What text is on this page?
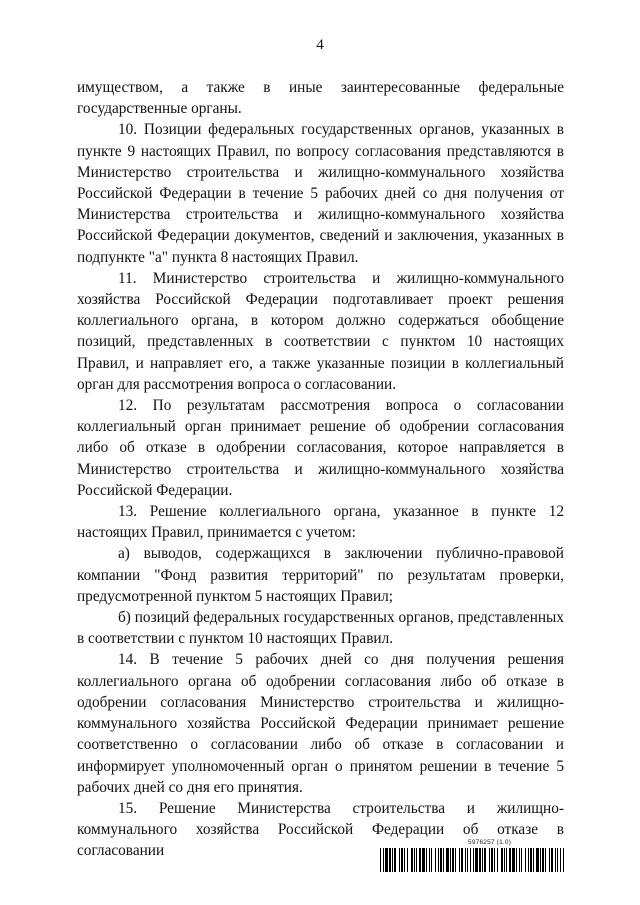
4

имуществом, а также в иные заинтересованные федеральные государственные органы.

10. Позиции федеральных государственных органов, указанных в пункте 9 настоящих Правил, по вопросу согласования представляются в Министерство строительства и жилищно-коммунального хозяйства Российской Федерации в течение 5 рабочих дней со дня получения от Министерства строительства и жилищно-коммунального хозяйства Российской Федерации документов, сведений и заключения, указанных в подпункте "а" пункта 8 настоящих Правил.

11. Министерство строительства и жилищно-коммунального хозяйства Российской Федерации подготавливает проект решения коллегиального органа, в котором должно содержаться обобщение позиций, представленных в соответствии с пунктом 10 настоящих Правил, и направляет его, а также указанные позиции в коллегиальный орган для рассмотрения вопроса о согласовании.

12. По результатам рассмотрения вопроса о согласовании коллегиальный орган принимает решение об одобрении согласования либо об отказе в одобрении согласования, которое направляется в Министерство строительства и жилищно-коммунального хозяйства Российской Федерации.

13. Решение коллегиального органа, указанное в пункте 12 настоящих Правил, принимается с учетом:

а) выводов, содержащихся в заключении публично-правовой компании "Фонд развития территорий" по результатам проверки, предусмотренной пунктом 5 настоящих Правил;

б) позиций федеральных государственных органов, представленных в соответствии с пунктом 10 настоящих Правил.

14. В течение 5 рабочих дней со дня получения решения коллегиального органа об одобрении согласования либо об отказе в одобрении согласования Министерство строительства и жилищно-коммунального хозяйства Российской Федерации принимает решение соответственно о согласовании либо об отказе в согласовании и информирует уполномоченный орган о принятом решении в течение 5 рабочих дней со дня его принятия.

15. Решение Министерства строительства и жилищно-коммунального хозяйства Российской Федерации об отказе в согласовании	5976257 (1.0)
